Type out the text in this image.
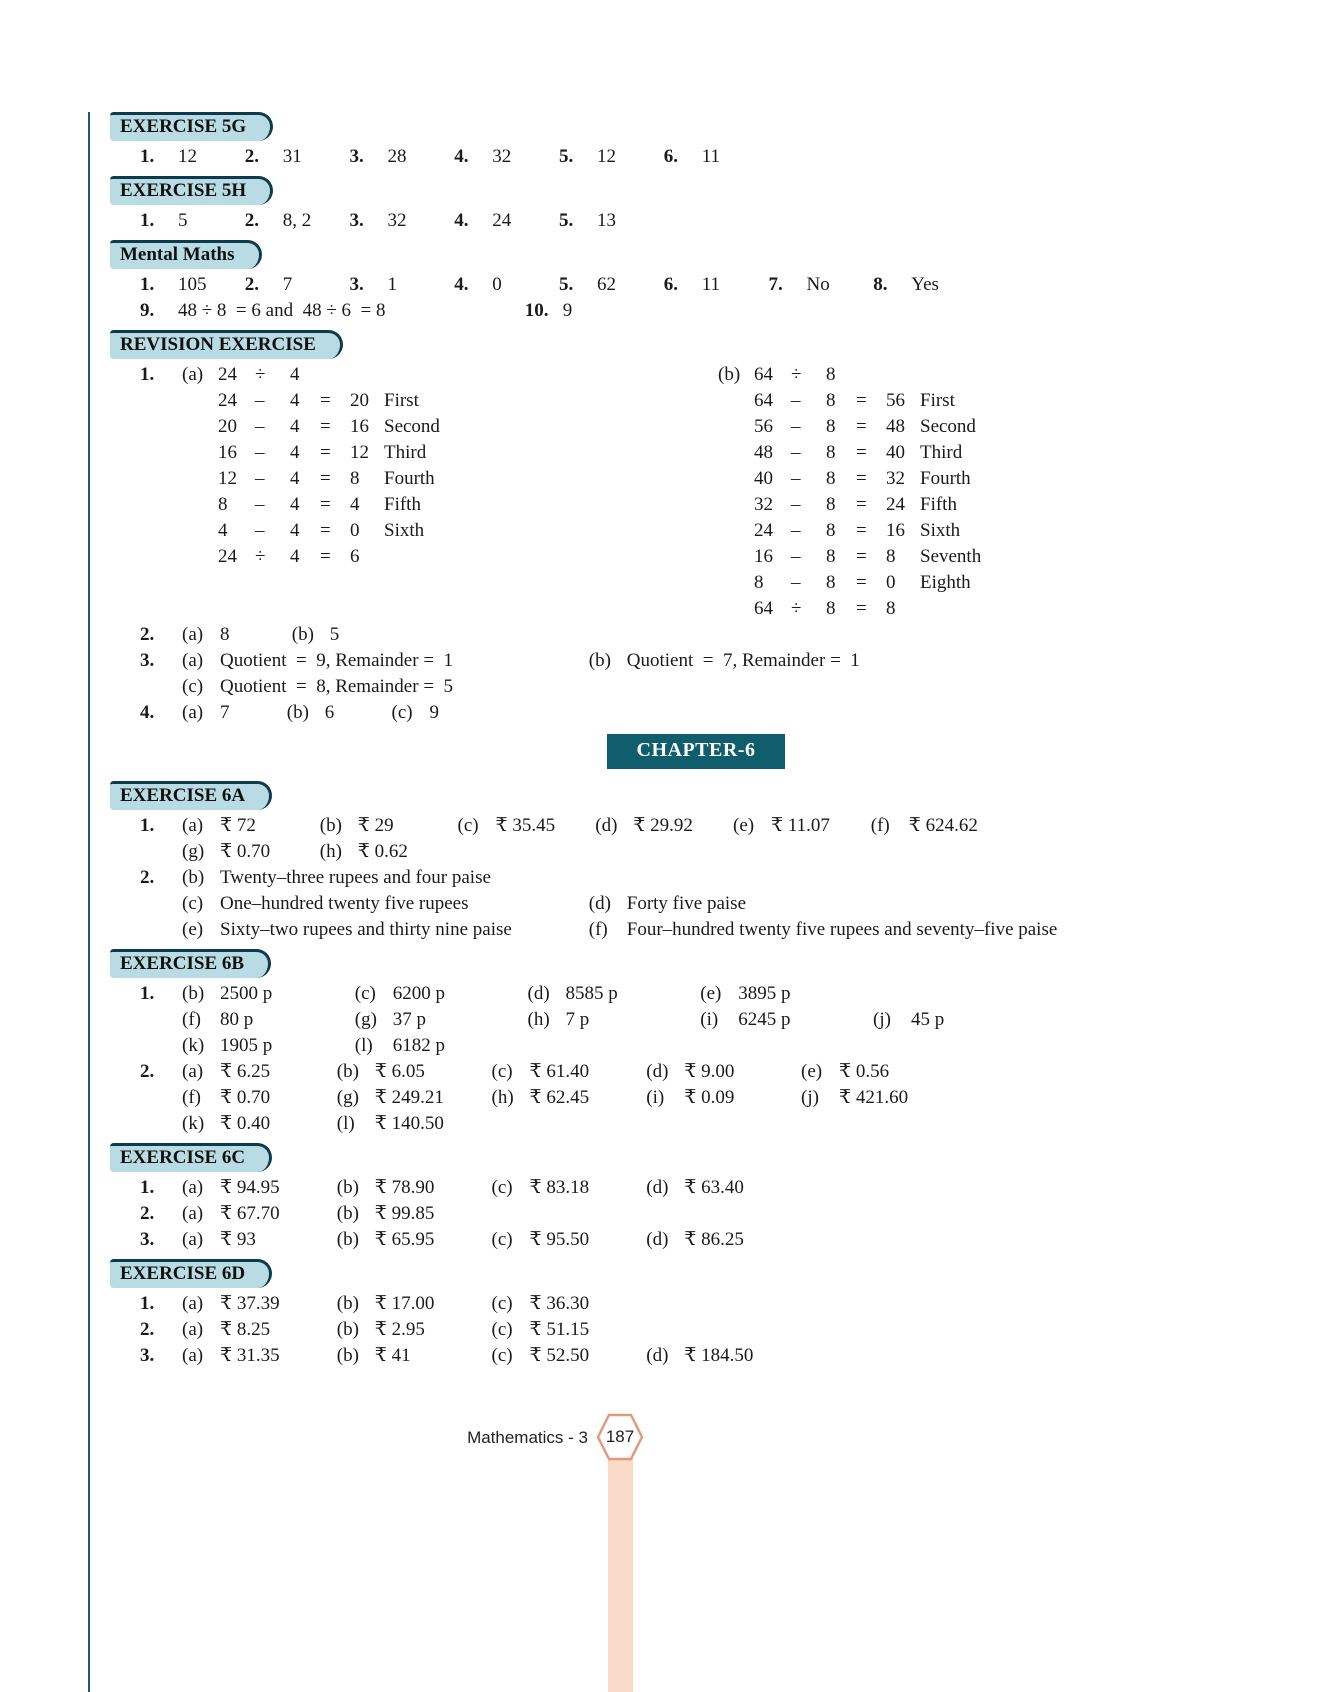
EXERCISE 5G
1. 12	2. 31	3. 28	4. 32	5. 12	6. 11
EXERCISE 5H
1. 5	2. 8, 2 3. 32	4. 24	5. 13
Mental Maths
1. 105 2. 7	3. 1	4. 0	5. 62	6. 11	7. No 8. Yes
9. 48 ÷ 8  = 6 and  48 ÷ 6  = 8	10. 9
REVISION EXERCISE
1.	(a) 24 ÷ 4
24 – 4 = 20 First
20 – 4 = 16 Second
16 – 4 = 12 Third
12 – 4 = 8 Fourth
8 – 4 = 4 Fifth
4 – 4 = 0 Sixth
24 ÷ 4 = 6
(b) 64 ÷ 8
64 – 8 = 56 First
56 – 8 = 48 Second
48 – 8 = 40 Third
40 – 8 = 32 Fourth
32 – 8 = 24 Fifth
24 – 8 = 16 Sixth
16 – 8 = 8 Seventh
8 – 8 = 0 Eighth
64 ÷ 8 = 8
2. (a) 8	(b) 5
3. (a) Quotient  =  9, Remainder =  1	(b) Quotient  =  7, Remainder =  1
(c) Quotient  =  8, Remainder =  5
4. (a) 7	(b) 6	(c) 9
CHAPTER-6
EXERCISE 6A
1. (a) ₹ 72	(b) ₹ 29	(c) ₹ 35.45 (d) ₹ 29.92 (e) ₹ 11.07 (f) ₹ 624.62
(g) ₹ 0.70	(h) ₹ 0.62
2. (b) Twenty–three rupees and four paise
(c) One–hundred twenty five rupees	(d) Forty five paise
(e) Sixty–two rupees and thirty nine paise	(f) Four–hundred twenty five rupees and seventy–five paise
EXERCISE 6B
1. (b) 2500 p	(c) 6200 p	(d) 8585 p	(e) 3895 p
(f) 80 p	(g) 37 p	(h) 7 p	(i) 6245 p	(j) 45 p
(k) 1905 p	(l) 6182 p
2. (a) ₹ 6.25	(b) ₹ 6.05	(c) ₹ 61.40	(d) ₹ 9.00	(e) ₹ 0.56
(f) ₹ 0.70	(g) ₹ 249.21	(h) ₹ 62.45	(i) ₹ 0.09	(j) ₹ 421.60
(k) ₹ 0.40	(l) ₹ 140.50
EXERCISE 6C
1. (a) ₹ 94.95	(b) ₹ 78.90	(c) ₹ 83.18	(d) ₹ 63.40
2. (a) ₹ 67.70	(b) ₹ 99.85
3. (a) ₹ 93	(b) ₹ 65.95	(c) ₹ 95.50	(d) ₹ 86.25
EXERCISE 6D
1. (a) ₹ 37.39	(b) ₹ 17.00	(c) ₹ 36.30
2. (a) ₹ 8.25	(b) ₹ 2.95	(c) ₹ 51.15
3. (a) ₹ 31.35	(b) ₹ 41	(c) ₹ 52.50	(d) ₹ 184.50
Mathematics - 3	187
